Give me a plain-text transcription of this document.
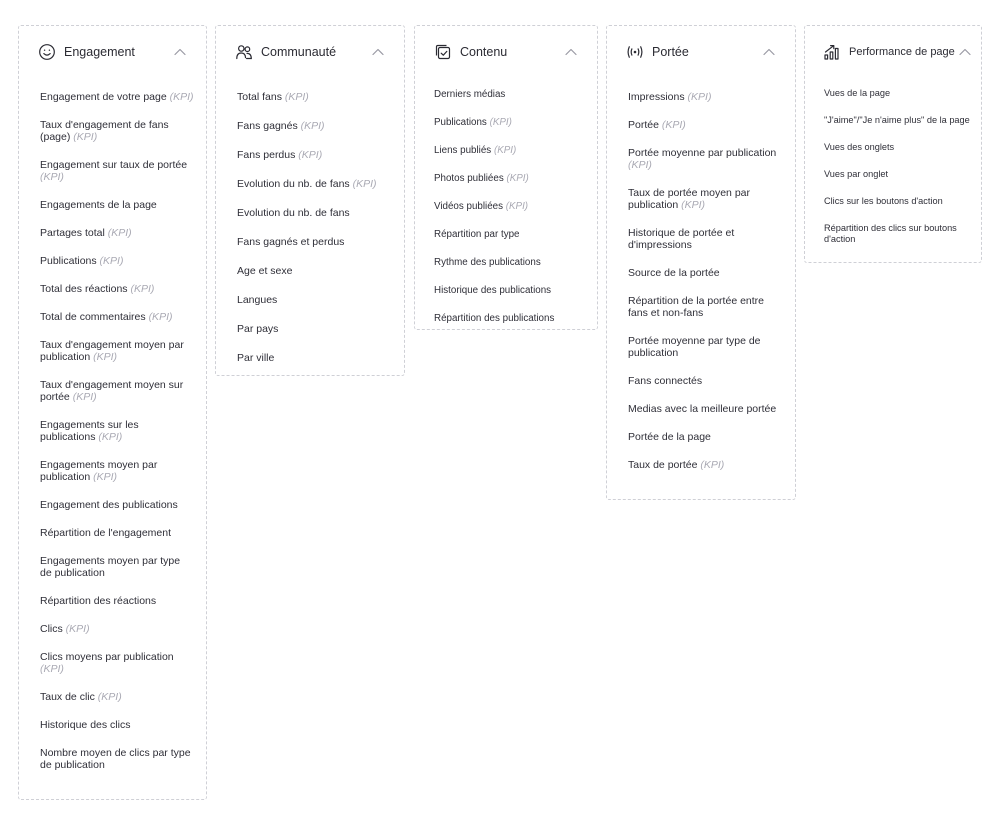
Engagement
Engagement de votre page (KPI)
Taux d'engagement de fans (page) (KPI)
Engagement sur taux de portée (KPI)
Engagements de la page
Partages total (KPI)
Publications (KPI)
Total des réactions (KPI)
Total de commentaires (KPI)
Taux d'engagement moyen par publication (KPI)
Taux d'engagement moyen sur portée (KPI)
Engagements sur les publications (KPI)
Engagements moyen par publication (KPI)
Engagement des publications
Répartition de l'engagement
Engagements moyen par type de publication
Répartition des réactions
Clics (KPI)
Clics moyens par publication (KPI)
Taux de clic (KPI)
Historique des clics
Nombre moyen de clics par type de publication
Communauté
Total fans (KPI)
Fans gagnés (KPI)
Fans perdus (KPI)
Evolution du nb. de fans (KPI)
Evolution du nb. de fans
Fans gagnés et perdus
Age et sexe
Langues
Par pays
Par ville
Contenu
Derniers médias
Publications (KPI)
Liens publiés (KPI)
Photos publiées (KPI)
Vidéos publiées (KPI)
Répartition par type
Rythme des publications
Historique des publications
Répartition des publications
Portée
Impressions (KPI)
Portée (KPI)
Portée moyenne par publication (KPI)
Taux de portée moyen par publication (KPI)
Historique de portée et d'impressions
Source de la portée
Répartition de la portée entre fans et non-fans
Portée moyenne par type de publication
Fans connectés
Medias avec la meilleure portée
Portée de la page
Taux de portée (KPI)
Performance de page
Vues de la page
"J'aime"/"Je n'aime plus" de la page
Vues des onglets
Vues par onglet
Clics sur les boutons d'action
Répartition des clics sur boutons d'action
